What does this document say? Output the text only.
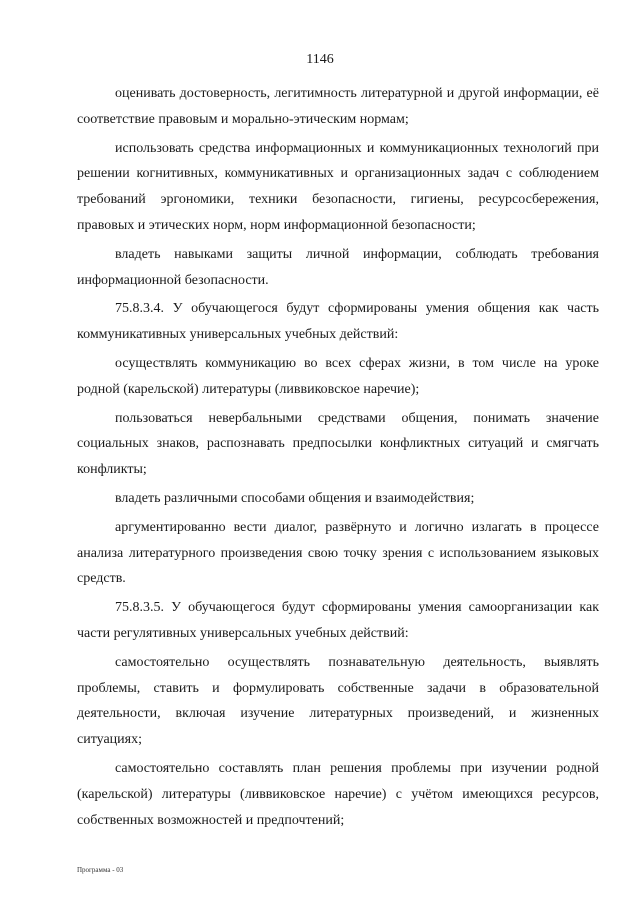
1146

оценивать достоверность, легитимность литературной и другой информации, её соответствие правовым и морально-этическим нормам;

использовать средства информационных и коммуникационных технологий при решении когнитивных, коммуникативных и организационных задач с соблюдением требований эргономики, техники безопасности, гигиены, ресурсосбережения, правовых и этических норм, норм информационной безопасности;

владеть навыками защиты личной информации, соблюдать требования информационной безопасности.

75.8.3.4. У обучающегося будут сформированы умения общения как часть коммуникативных универсальных учебных действий:

осуществлять коммуникацию во всех сферах жизни, в том числе на уроке родной (карельской) литературы (ливвиковское наречие);

пользоваться невербальными средствами общения, понимать значение социальных знаков, распознавать предпосылки конфликтных ситуаций и смягчать конфликты;

владеть различными способами общения и взаимодействия;

аргументированно вести диалог, развёрнуто и логично излагать в процессе анализа литературного произведения свою точку зрения с использованием языковых средств.

75.8.3.5. У обучающегося будут сформированы умения самоорганизации как части регулятивных универсальных учебных действий:

самостоятельно осуществлять познавательную деятельность, выявлять проблемы, ставить и формулировать собственные задачи в образовательной деятельности, включая изучение литературных произведений, и жизненных ситуациях;

самостоятельно составлять план решения проблемы при изучении родной (карельской) литературы (ливвиковское наречие) с учётом имеющихся ресурсов, собственных возможностей и предпочтений;

Программа - 03
